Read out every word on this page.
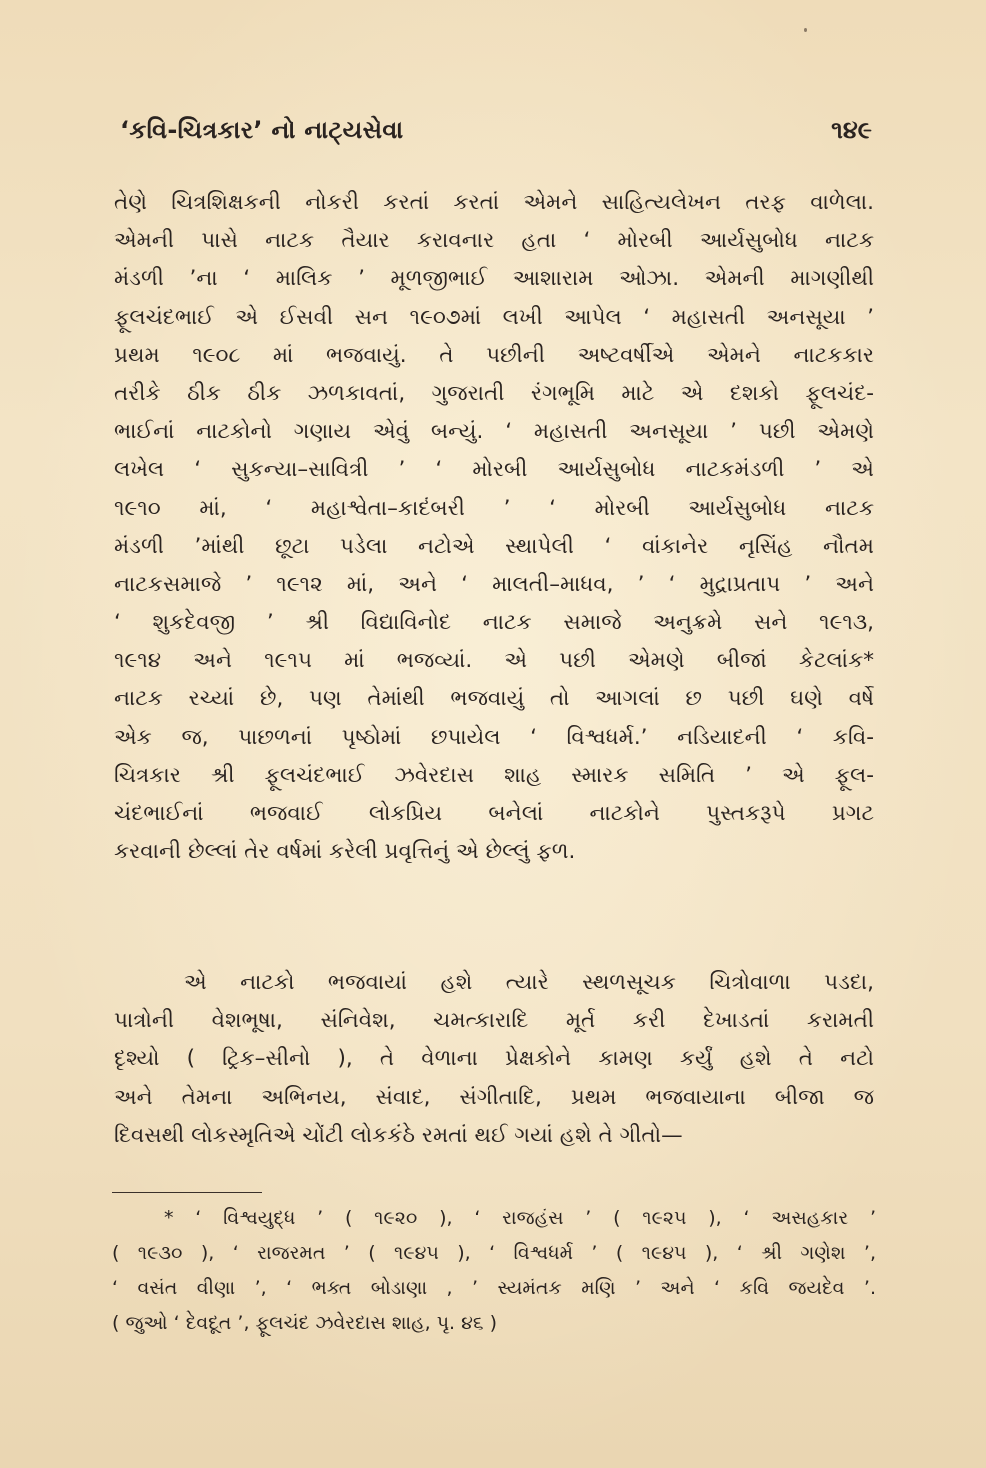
‘કવિ-ચિત્રકાર’ નો નાટ્યસેવા	૧૪૯
તેણે ચિત્રશિક્ષકની નોકરી કરતાં કરતાં એમને સાહિત્યલેખન તરફ વાળેલા.
એમની પાસે નાટક તૈયાર કરાવનાર હતા ‘ મોરબી આર્યસુબોધ નાટક
મંડળી ’ના ‘ માલિક ’ મૂળજીભાઈ આશારામ ઓઝા. એમની માગણીથી
ફૂલચંદભાઈ એ ઈસવી સન ૧૯૦૭માં લખી આપેલ ‘ મહાસતી અનસૂયા ’
પ્રથમ ૧૯૦૮ માં ભજવાયું. તે પછીની અષ્ટવર્ષીએ એમને નાટકકાર
તરીકે ઠીક ઠીક ઝળકાવતાં, ગુજરાતી રંગભૂમિ માટે એ દશકો ફૂલચંદ-
ભાઈનાં નાટકોનો ગણાય એવું બન્યું. ‘ મહાસતી અનસૂયા ’ પછી એમણે
લખેલ ‘ સુકન્યા–સાવિત્રી ’ ‘ મોરબી આર્યસુબોધ નાટકમંડળી ’ એ
૧૯૧૦ માં, ‘ મહાશ્વેતા–કાદંબરી ’ ‘ મોરબી આર્યસુબોધ નાટક
મંડળી ’માંથી છૂટા પડેલા નટોએ સ્થાપેલી ‘ વાંકાનેર નૃસિંહ નૌતમ
નાટકસમાજે ’ ૧૯૧૨ માં, અને ‘ માલતી–માધવ, ’ ‘ મુદ્રાપ્રતાપ ’ અને
‘ શુકદેવજી ’ શ્રી વિદ્યાવિનોદ નાટક સમાજે અનુક્રમે સને ૧૯૧૩,
૧૯૧૪ અને ૧૯૧૫ માં ભજવ્યાં. એ પછી એમણે બીજાં કેટલાંક*
નાટક રચ્યાં છે, પણ તેમાંથી ભજવાયું તો આગલાં છ પછી ઘણે વર્ષે
એક જ, પાછળનાં પૃષ્ઠોમાં છપાયેલ ‘ વિશ્વધર્મ.’ નડિયાદની ‘ કવિ-
ચિત્રકાર શ્રી ફૂલચંદભાઈ ઝવેરદાસ શાહ સ્મારક સમિતિ ’ એ ફૂલ-
ચંદભાઈનાં ભજવાઈ લોકપ્રિય બનેલાં નાટકોને પુસ્તકરૂપે પ્રગટ
કરવાની છેલ્લાં તેર વર્ષમાં કરેલી પ્રવૃત્તિનું એ છેલ્લું ફળ.
એ નાટકો ભજવાયાં હશે ત્યારે સ્થળસૂચક ચિત્રોવાળા પડદા,
પાત્રોની વેશભૂષા, સંનિવેશ, ચમત્કારાદિ મૂર્ત કરી દેખાડતાં કરામતી
દૃશ્યો ( ટ્રિક–સીનો ), તે વેળાના પ્રેક્ષકોને કામણ કર્યું હશે તે નટો
અને તેમના અભિનય, સંવાદ, સંગીતાદિ, પ્રથમ ભજવાયાના બીજા જ
દિવસથી લોકસ્મૃતિએ ચોંટી લોકકંઠે રમતાં થઈ ગયાં હશે તે ગીતો—
* ‘ વિશ્વયુદ્ધ ’ ( ૧૯૨૦ ), ‘ રાજહંસ ’ ( ૧૯૨૫ ), ‘ અસહકાર ’
( ૧૯૩૦ ), ‘ રાજરમત ’ ( ૧૯૪૫ ), ‘ વિશ્વધર્મ ’ ( ૧૯૪૫ ), ‘ શ્રી ગણેશ ’,
‘ વસંત વીણા ’, ‘ ભક્ત બોડાણા , ’ સ્યમંતક મણિ ’ અને ‘ કવિ જયદેવ ’.
( જુઓ ‘ દેવદૂત ’, ફૂલચંદ ઝવેરદાસ શાહ, પૃ. ૪૬ )
